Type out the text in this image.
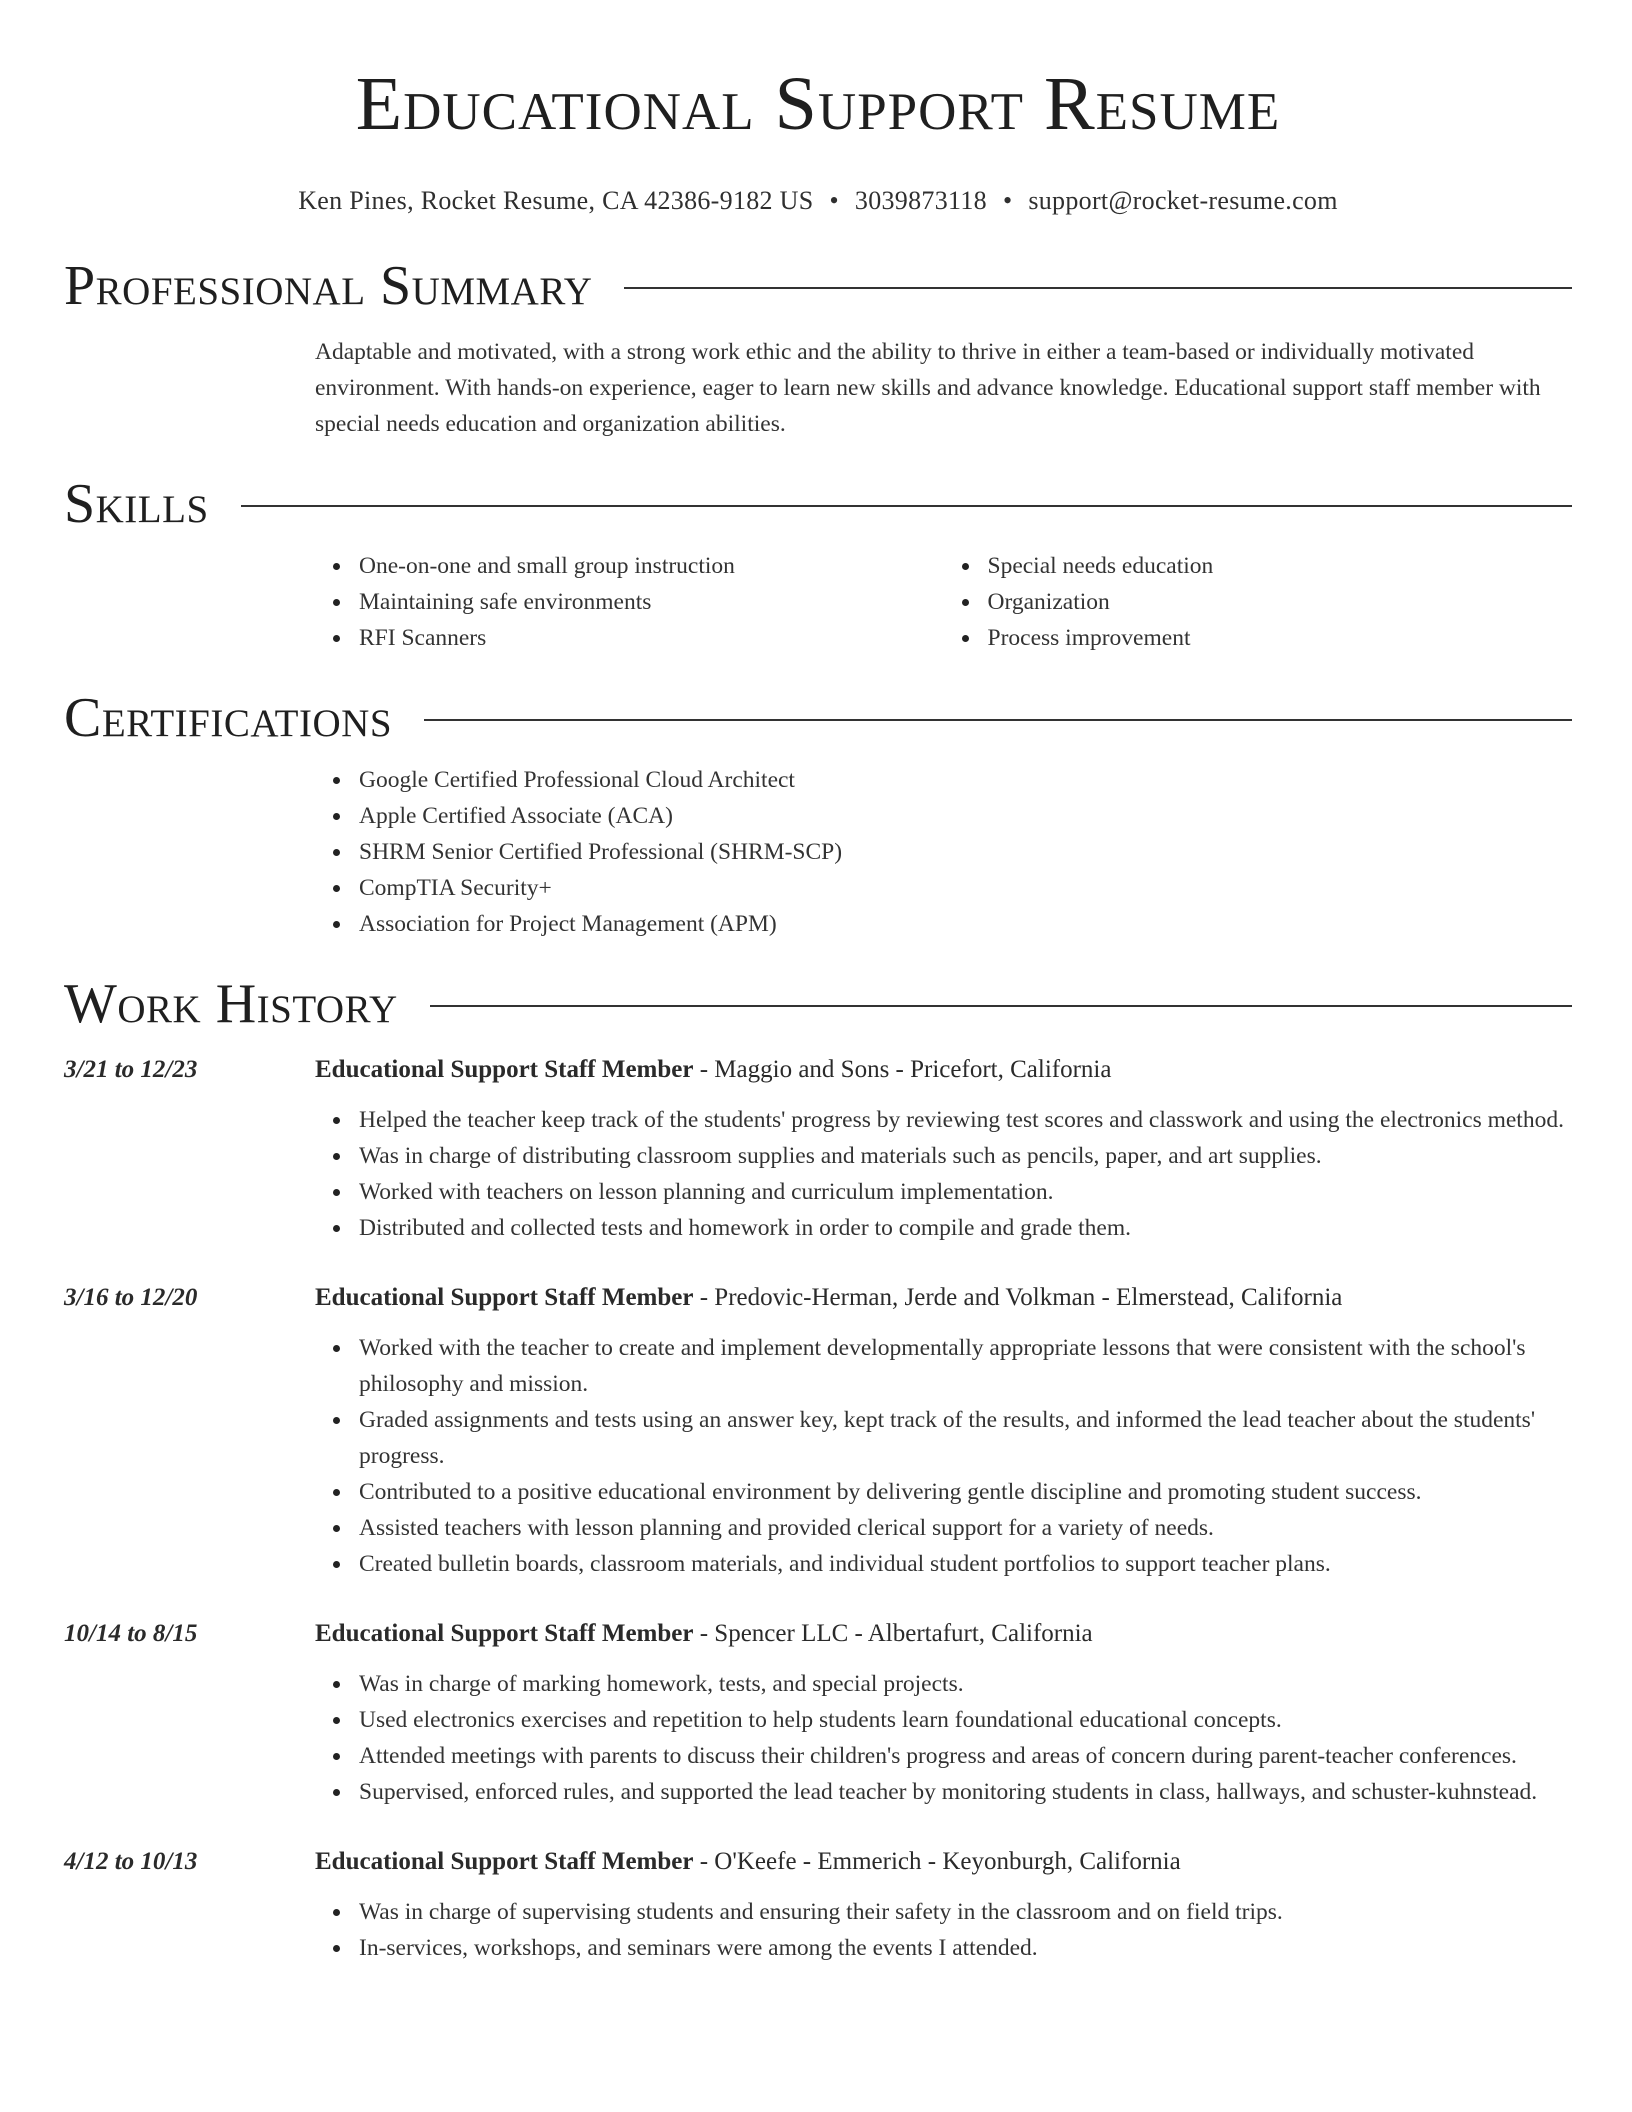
Educational Support Resume
Ken Pines, Rocket Resume, CA 42386-9182 US • 3039873118 • support@rocket-resume.com
Professional Summary
Adaptable and motivated, with a strong work ethic and the ability to thrive in either a team-based or individually motivated environment. With hands-on experience, eager to learn new skills and advance knowledge. Educational support staff member with special needs education and organization abilities.
Skills
One-on-one and small group instruction
Maintaining safe environments
RFI Scanners
Special needs education
Organization
Process improvement
Certifications
Google Certified Professional Cloud Architect
Apple Certified Associate (ACA)
SHRM Senior Certified Professional (SHRM-SCP)
CompTIA Security+
Association for Project Management (APM)
Work History
3/21 to 12/23	Educational Support Staff Member - Maggio and Sons - Pricefort, California
Helped the teacher keep track of the students' progress by reviewing test scores and classwork and using the electronics method.
Was in charge of distributing classroom supplies and materials such as pencils, paper, and art supplies.
Worked with teachers on lesson planning and curriculum implementation.
Distributed and collected tests and homework in order to compile and grade them.
3/16 to 12/20	Educational Support Staff Member - Predovic-Herman, Jerde and Volkman - Elmerstead, California
Worked with the teacher to create and implement developmentally appropriate lessons that were consistent with the school's philosophy and mission.
Graded assignments and tests using an answer key, kept track of the results, and informed the lead teacher about the students' progress.
Contributed to a positive educational environment by delivering gentle discipline and promoting student success.
Assisted teachers with lesson planning and provided clerical support for a variety of needs.
Created bulletin boards, classroom materials, and individual student portfolios to support teacher plans.
10/14 to 8/15	Educational Support Staff Member - Spencer LLC - Albertafurt, California
Was in charge of marking homework, tests, and special projects.
Used electronics exercises and repetition to help students learn foundational educational concepts.
Attended meetings with parents to discuss their children's progress and areas of concern during parent-teacher conferences.
Supervised, enforced rules, and supported the lead teacher by monitoring students in class, hallways, and schuster-kuhnstead.
4/12 to 10/13	Educational Support Staff Member - O'Keefe - Emmerich - Keyonburgh, California
Was in charge of supervising students and ensuring their safety in the classroom and on field trips.
In-services, workshops, and seminars were among the events I attended.
